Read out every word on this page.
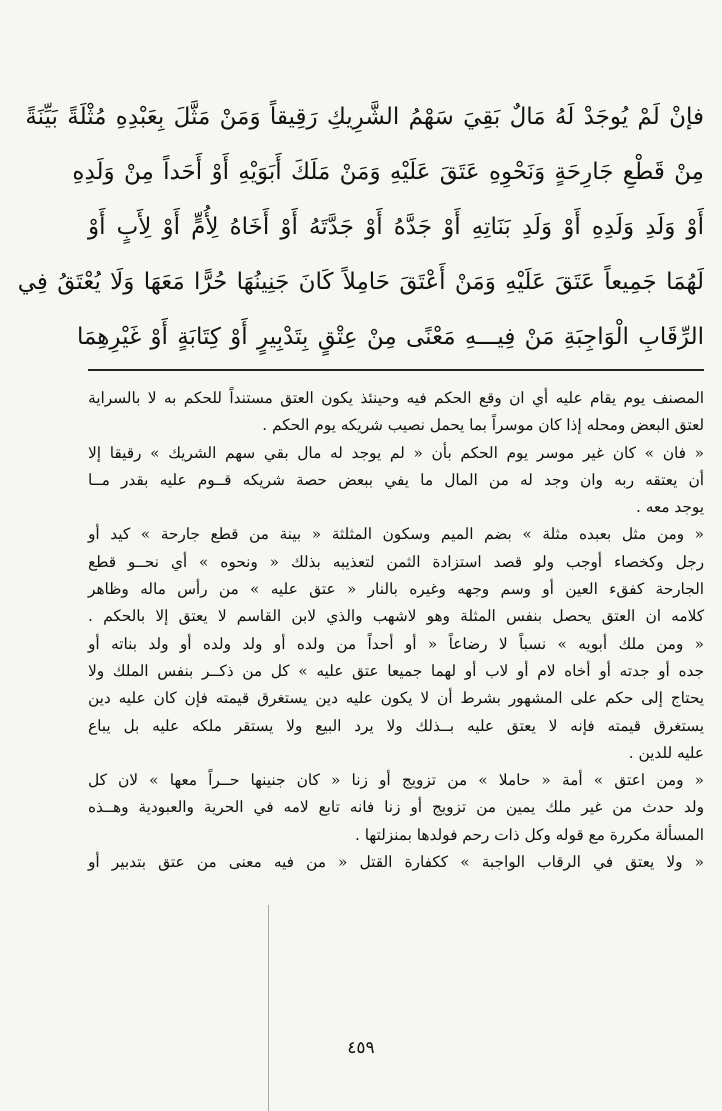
فإنْ لَمْ يُوجَدْ لَهُ مَالٌ بَقِيَ سَهْمُ الشَّرِيكِ رَقِيقاً وَمَنْ مَثَّلَ بِعَبْدِهِ مُثْلَةً بَيِّنَةً
مِنْ قَطْعِ جَارِحَةٍ وَنَحْوِهِ عَتَقَ عَلَيْهِ وَمَنْ مَلَكَ أَبَوَيْهِ أَوْ أَحَداً مِنْ وَلَدِهِ
أَوْ وَلَدِ وَلَدِهِ أَوْ وَلَدِ بَنَاتِهِ أَوْ جَدَّهُ أَوْ جَدَّتَهُ أَوْ أَخَاهُ لِأُمٍّ أَوْ لِأَبٍ أَوْ
لَهُمَا جَمِيعاً عَتَقَ عَلَيْهِ وَمَنْ أَعْتَقَ حَامِلاً كَانَ جَنِينُهَا حُرًّا مَعَهَا وَلَا يُعْتَقُ فِي
الرِّقَابِ الْوَاجِبَةِ مَنْ فِيـــهِ مَعْنًى مِنْ عِتْقٍ بِتَدْبِيرٍ أَوْ كِتَابَةٍ أَوْ غَيْرِهِمَا
المصنف يوم يقام عليه أي ان وقع الحكم فيه وحينئذ يكون العتق مستنداً للحكم به لا بالسراية
لعتق البعض ومحله إذا كان موسراً بما يحمل نصيب شريكه يوم الحكم .
« فان » كان غير موسر يوم الحكم بأن « لم يوجد له مال بقي سهم الشريك » رقيقا إلا
أن يعتقه ربه وان وجد له من المال ما يفي ببعض حصة شريكه قــوم عليه بقدر مــا
يوجد معه .
« ومن مثل بعبده مثلة » بضم الميم وسكون المثلثة « بينة من قطع جارحة » كيد أو
رجل وكخصاء أوجب ولو قصد استزادة الثمن لتعذيبه بذلك « ونحوه » أي نحــو قطع
الجارحة كفقء العين أو وسم وجهه وغيره بالنار « عتق عليه » من رأس ماله وظاهر
كلامه ان العتق يحصل بنفس المثلة وهو لاشهب والذي لابن القاسم لا يعتق إلا بالحكم .
« ومن ملك أبويه » نسباً لا رضاعاً « أو أحداً من ولده أو ولد ولده أو ولد بناته أو
جده أو جدته أو أخاه لام أو لاب أو لهما جميعا عتق عليه » كل من ذكــر بنفس الملك ولا
يحتاج إلى حكم على المشهور بشرط أن لا يكون عليه دين يستغرق قيمته فإن كان عليه دين
يستغرق قيمته فإنه لا يعتق عليه بــذلك ولا يرد البيع ولا يستقر ملكه عليه بل يباع
عليه للدين .
« ومن اعتق » أمة « حاملا » من تزويج أو زنا « كان جنينها حــراً معها » لان كل
ولد حدث من غير ملك يمين من تزويج أو زنا فانه تابع لامه في الحرية والعبودية وهــذه
المسألة مكررة مع قوله وكل ذات رحم فولدها بمنزلتها .
« ولا يعتق في الرقاب الواجبة » ككفارة القتل « من فيه معنى من عتق بتدبير أو
٤٥٩
